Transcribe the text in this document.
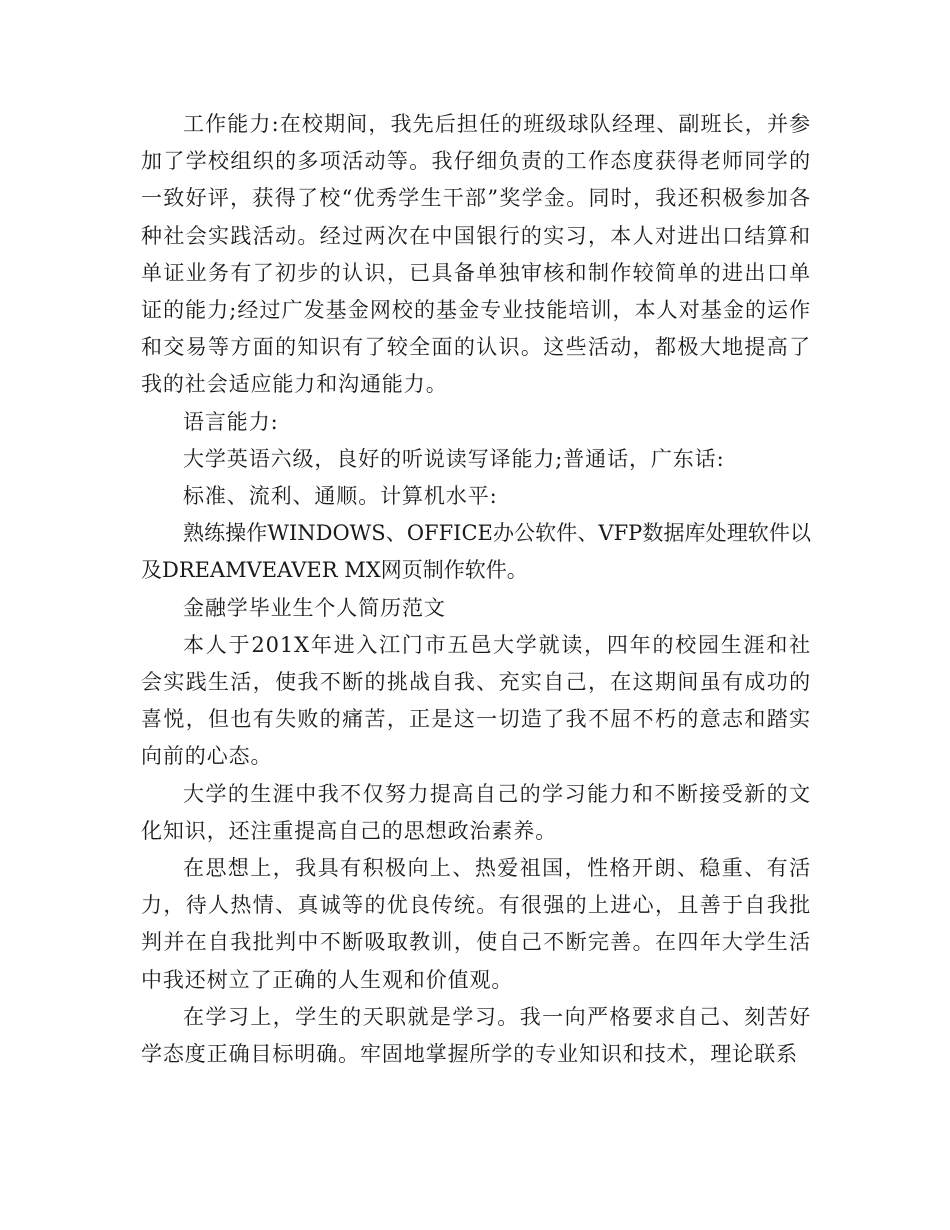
工作能力:在校期间，我先后担任的班级球队经理、副班长，并参加了学校组织的多项活动等。我仔细负责的工作态度获得老师同学的一致好评，获得了校“优秀学生干部”奖学金。同时，我还积极参加各种社会实践活动。经过两次在中国银行的实习，本人对进出口结算和单证业务有了初步的认识，已具备单独审核和制作较简单的进出口单证的能力;经过广发基金网校的基金专业技能培训，本人对基金的运作和交易等方面的知识有了较全面的认识。这些活动，都极大地提高了我的社会适应能力和沟通能力。

语言能力:

大学英语六级，良好的听说读写译能力;普通话，广东话:

标准、流利、通顺。计算机水平:

熟练操作WINDOWS、OFFICE办公软件、VFP数据库处理软件以及DREAMVEAVER MX网页制作软件。

金融学毕业生个人简历范文

本人于201X年进入江门市五邑大学就读，四年的校园生涯和社会实践生活，使我不断的挑战自我、充实自己，在这期间虽有成功的喜悦，但也有失败的痛苦，正是这一切造了我不屈不朽的意志和踏实向前的心态。

大学的生涯中我不仅努力提高自己的学习能力和不断接受新的文化知识，还注重提高自己的思想政治素养。

在思想上，我具有积极向上、热爱祖国，性格开朗、稳重、有活力，待人热情、真诚等的优良传统。有很强的上进心，且善于自我批判并在自我批判中不断吸取教训，使自己不断完善。在四年大学生活中我还树立了正确的人生观和价值观。

在学习上，学生的天职就是学习。我一向严格要求自己、刻苦好学态度正确目标明确。牢固地掌握所学的专业知识和技术，理论联系
